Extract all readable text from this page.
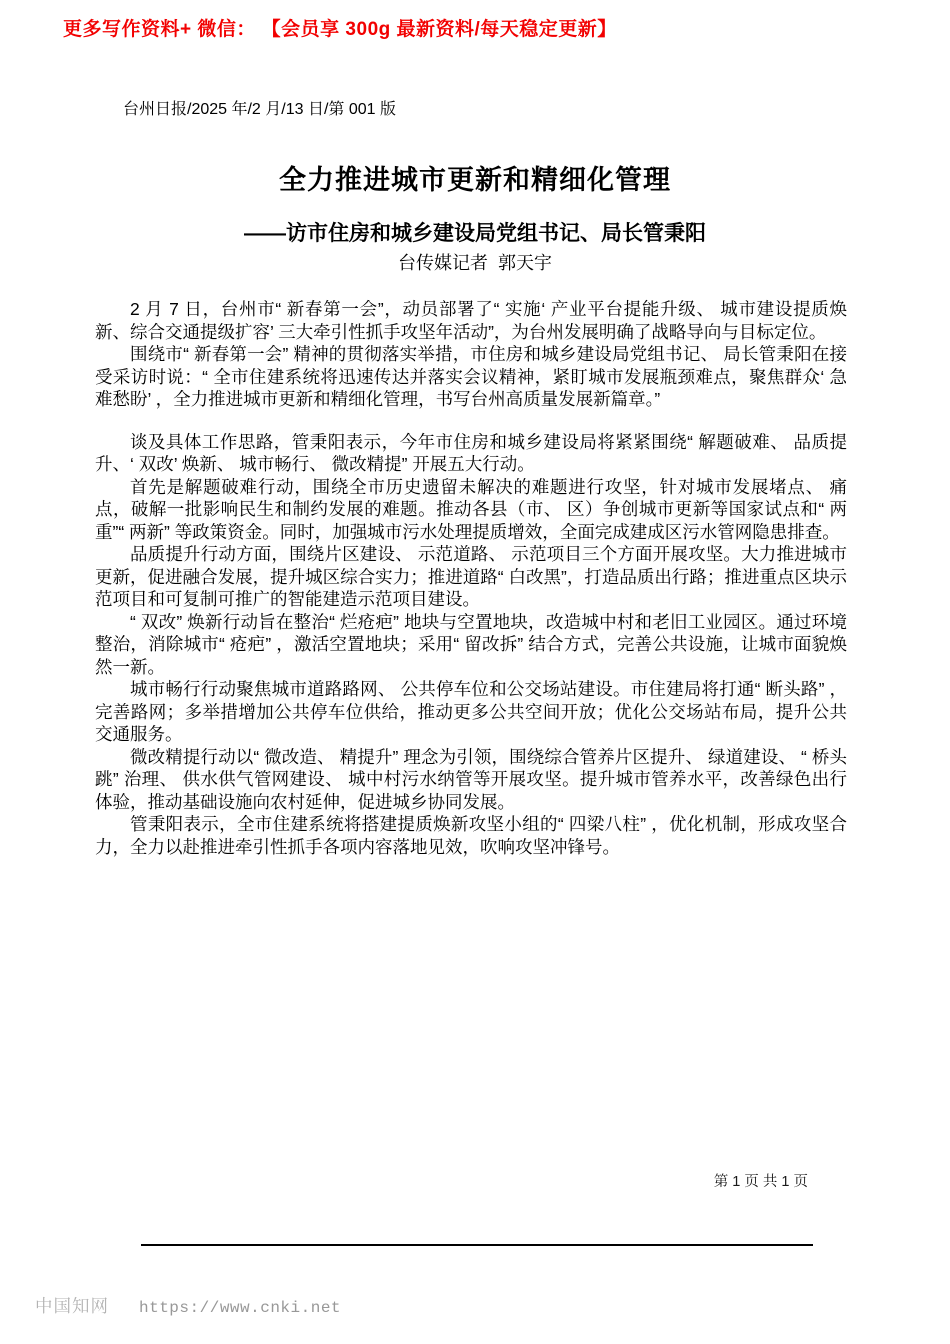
更多写作资料+ 微信： 【会员享 300g 最新资料/每天稳定更新】
台州日报/2025 年/2 月/13 日/第 001 版
全力推进城市更新和精细化管理
——访市住房和城乡建设局党组书记、局长管秉阳
台传媒记者  郭天宇

2 月 7 日，台州市“ 新春第一会”，动员部署了“ 实施‘ 产业平台提能升级、 城市建设提质焕新、综合交通提级扩容’ 三大牵引性抓手攻坚年活动”，为台州发展明确了战略导向与目标定位。

围绕市“ 新春第一会” 精神的贯彻落实举措，市住房和城乡建设局党组书记、 局长管秉阳在接受采访时说：“ 全市住建系统将迅速传达并落实会议精神，紧盯城市发展瓶颈难点，聚焦群众‘ 急难愁盼’ ，全力推进城市更新和精细化管理，书写台州高质量发展新篇章。”

谈及具体工作思路，管秉阳表示，今年市住房和城乡建设局将紧紧围绕“ 解题破难、 品质提升、‘ 双改’ 焕新、 城市畅行、 微改精提” 开展五大行动。

首先是解题破难行动，围绕全市历史遗留未解决的难题进行攻坚，针对城市发展堵点、 痛点，破解一批影响民生和制约发展的难题。推动各县（市、 区）争创城市更新等国家试点和“ 两重”“ 两新” 等政策资金。同时，加强城市污水处理提质增效，全面完成建成区污水管网隐患排查。

品质提升行动方面，围绕片区建设、 示范道路、 示范项目三个方面开展攻坚。大力推进城市更新，促进融合发展，提升城区综合实力；推进道路“ 白改黑”，打造品质出行路；推进重点区块示范项目和可复制可推广的智能建造示范项目建设。

“ 双改” 焕新行动旨在整治“ 烂疮疤” 地块与空置地块，改造城中村和老旧工业园区。通过环境整治，消除城市“ 疮疤” ，激活空置地块；采用“ 留改拆” 结合方式，完善公共设施，让城市面貌焕然一新。

城市畅行行动聚焦城市道路路网、 公共停车位和公交场站建设。市住建局将打通“ 断头路” ，完善路网；多举措增加公共停车位供给，推动更多公共空间开放；优化公交场站布局，提升公共交通服务。

微改精提行动以“ 微改造、 精提升” 理念为引领，围绕综合管养片区提升、 绿道建设、 “ 桥头跳” 治理、 供水供气管网建设、 城中村污水纳管等开展攻坚。提升城市管养水平，改善绿色出行体验，推动基础设施向农村延伸，促进城乡协同发展。

管秉阳表示，全市住建系统将搭建提质焕新攻坚小组的“ 四梁八柱” ，优化机制，形成攻坚合力，全力以赴推进牵引性抓手各项内容落地见效，吹响攻坚冲锋号。

第 1 页 共 1 页
中国知网 https://www.cnki.net
